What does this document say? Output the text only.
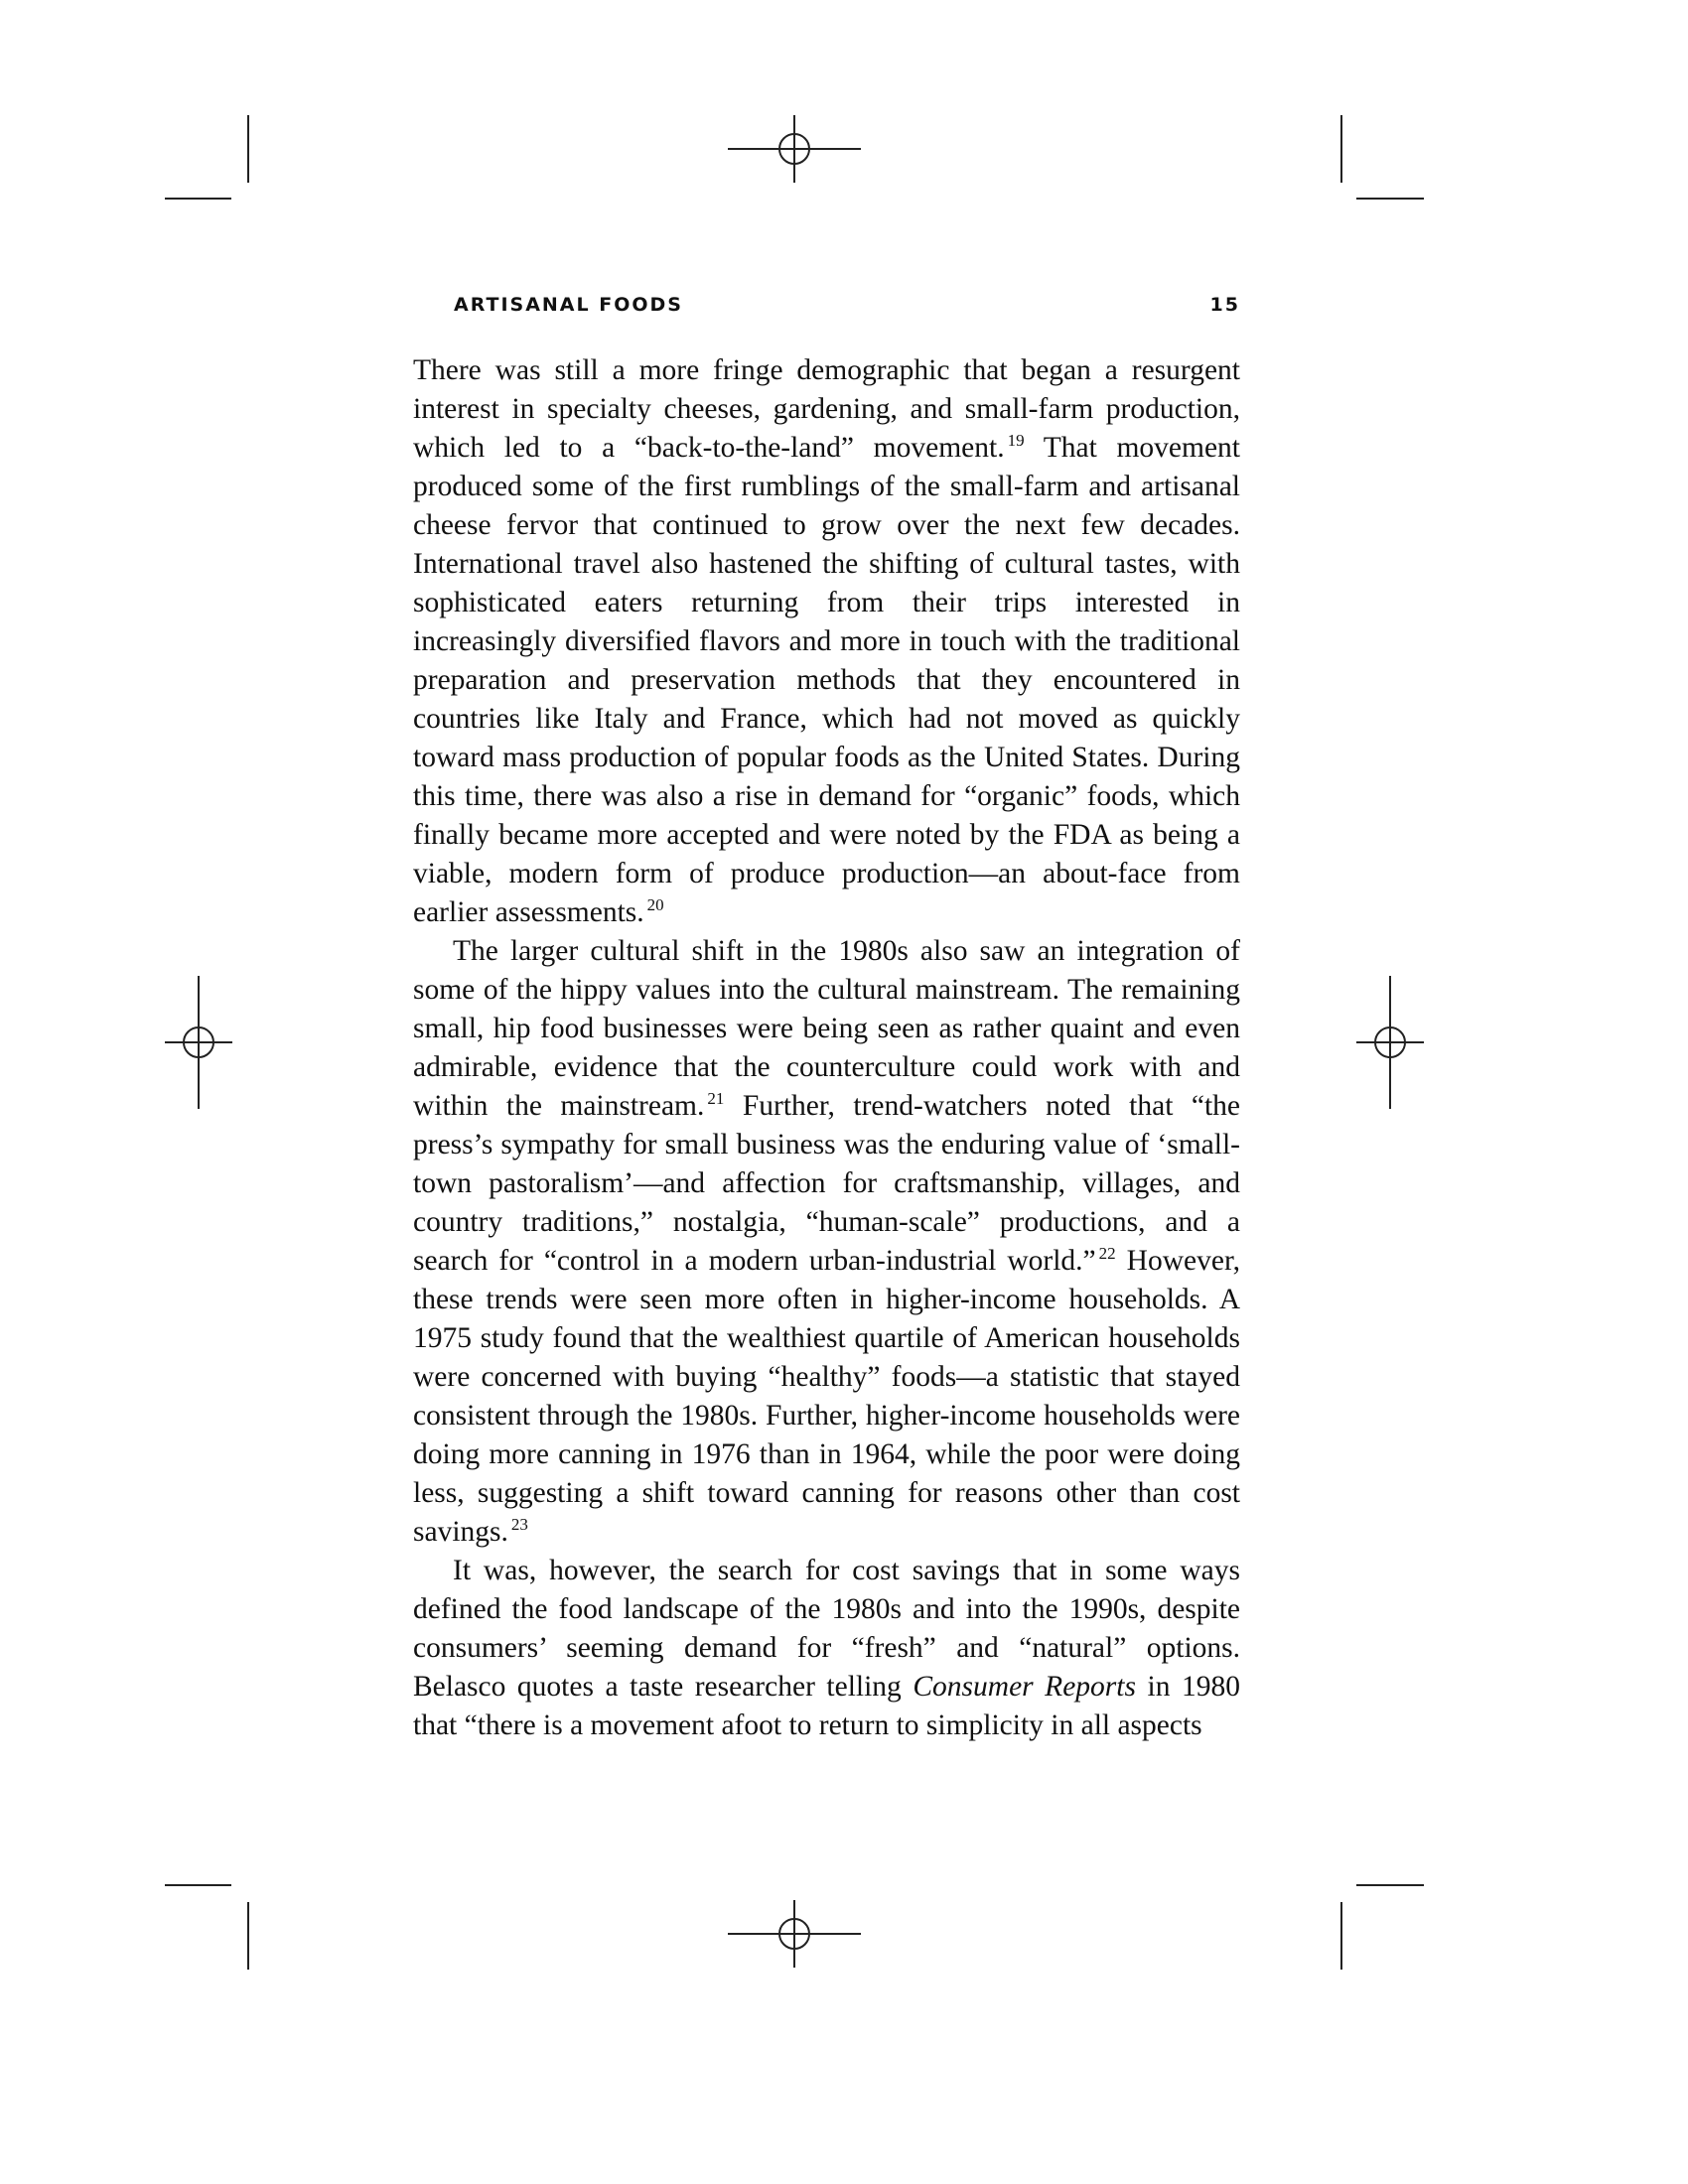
ARTISANAL FOODS	15

There was still a more fringe demographic that began a resurgent interest in specialty cheeses, gardening, and small-farm production, which led to a “back-to-the-land” movement. $^{19}$ That movement produced some of the first rumblings of the small-farm and artisanal cheese fervor that continued to grow over the next few decades. International travel also hastened the shifting of cultural tastes, with sophisticated eaters returning from their trips interested in increasingly diversified flavors and more in touch with the traditional preparation and preservation methods that they encountered in countries like Italy and France, which had not moved as quickly toward mass production of popular foods as the United States. During this time, there was also a rise in demand for “organic” foods, which finally became more accepted and were noted by the FDA as being a viable, modern form of produce production—an about-face from earlier assessments. $^{20}$

The larger cultural shift in the 1980s also saw an integration of some of the hippy values into the cultural mainstream. The remaining small, hip food businesses were being seen as rather quaint and even admirable, evidence that the counterculture could work with and within the mainstream. $^{21}$ Further, trend-watchers noted that “the press’s sympathy for small business was the enduring value of ‘small-town pastoralism’—and affection for craftsmanship, villages, and country traditions,” nostalgia, “human-scale” productions, and a search for “control in a modern urban-industrial world.” $^{22}$ However, these trends were seen more often in higher-income households. A 1975 study found that the wealthiest quartile of American households were concerned with buying “healthy” foods—a statistic that stayed consistent through the 1980s. Further, higher-income households were doing more canning in 1976 than in 1964, while the poor were doing less, suggesting a shift toward canning for reasons other than cost savings. $^{23}$

It was, however, the search for cost savings that in some ways defined the food landscape of the 1980s and into the 1990s, despite consumers’ seeming demand for “fresh” and “natural” options. Belasco quotes a taste researcher telling Consumer Reports in 1980 that “there is a movement afoot to return to simplicity in all aspects
